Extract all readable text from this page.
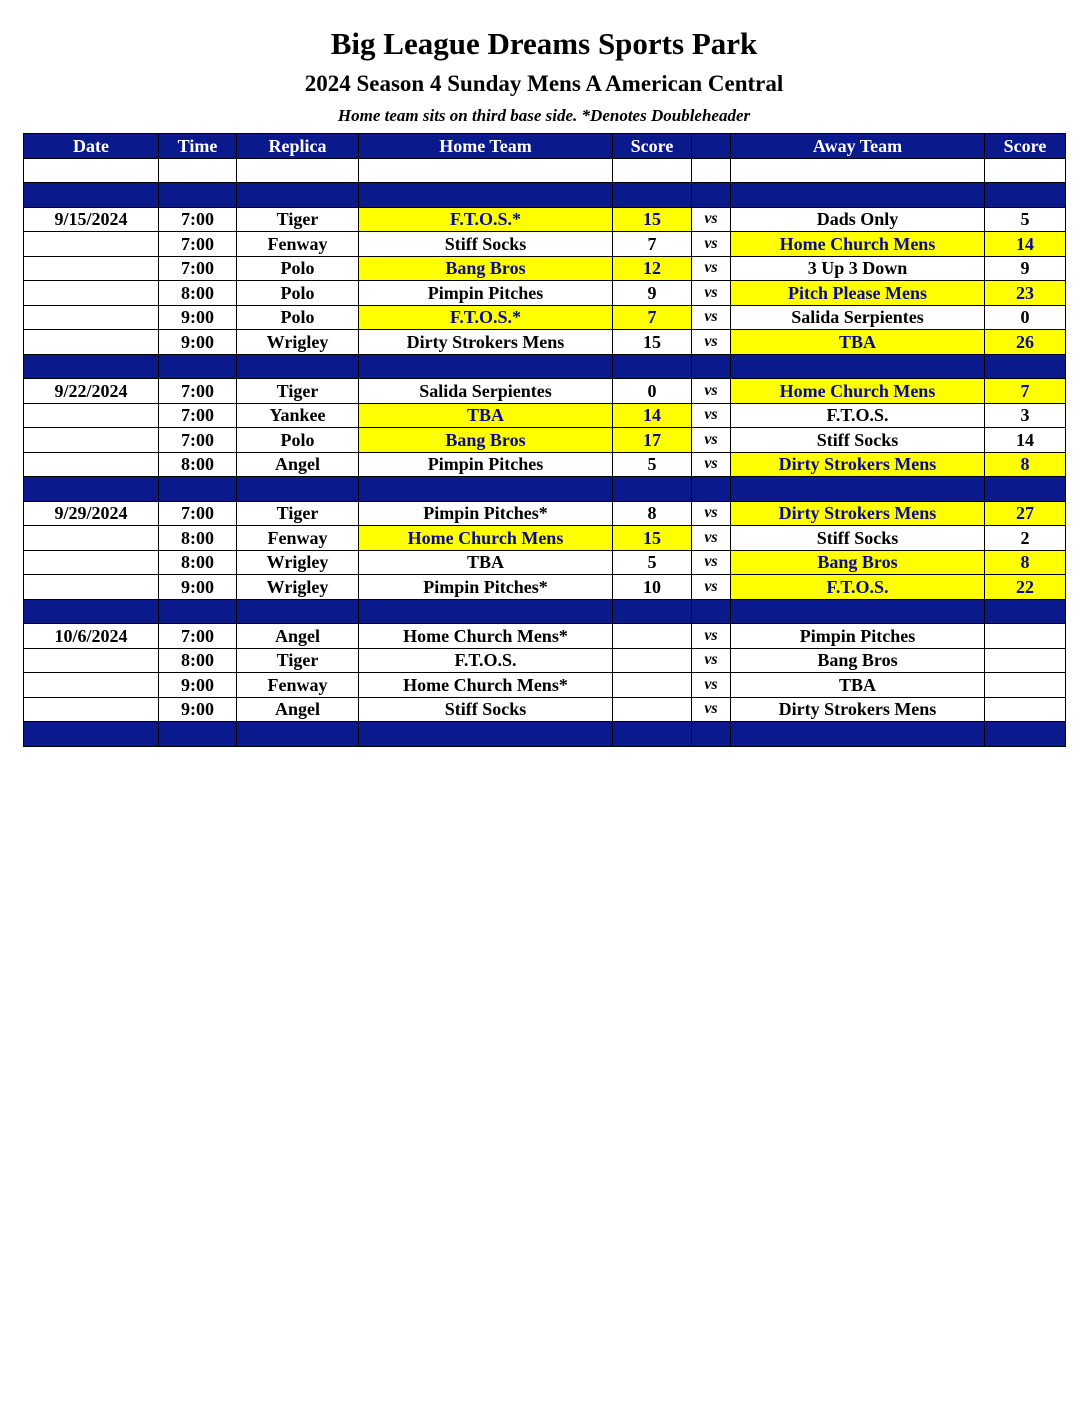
Big League Dreams Sports Park
2024 Season 4 Sunday Mens A American Central
Home team sits on third base side. *Denotes Doubleheader
Date	Time	Replica	Home Team	Score		Away Team	Score

9/15/2024	7:00	Tiger	F.T.O.S.*	15	vs	Dads Only	5
	7:00	Fenway	Stiff Socks	7	vs	Home Church Mens	14
	7:00	Polo	Bang Bros	12	vs	3 Up 3 Down	9
	8:00	Polo	Pimpin Pitches	9	vs	Pitch Please Mens	23
	9:00	Polo	F.T.O.S.*	7	vs	Salida Serpientes	0
	9:00	Wrigley	Dirty Strokers Mens	15	vs	TBA	26

9/22/2024	7:00	Tiger	Salida Serpientes	0	vs	Home Church Mens	7
	7:00	Yankee	TBA	14	vs	F.T.O.S.	3
	7:00	Polo	Bang Bros	17	vs	Stiff Socks	14
	8:00	Angel	Pimpin Pitches	5	vs	Dirty Strokers Mens	8

9/29/2024	7:00	Tiger	Pimpin Pitches*	8	vs	Dirty Strokers Mens	27
	8:00	Fenway	Home Church Mens	15	vs	Stiff Socks	2
	8:00	Wrigley	TBA	5	vs	Bang Bros	8
	9:00	Wrigley	Pimpin Pitches*	10	vs	F.T.O.S.	22

10/6/2024	7:00	Angel	Home Church Mens*		vs	Pimpin Pitches	
	8:00	Tiger	F.T.O.S.		vs	Bang Bros	
	9:00	Fenway	Home Church Mens*		vs	TBA	
	9:00	Angel	Stiff Socks		vs	Dirty Strokers Mens	
